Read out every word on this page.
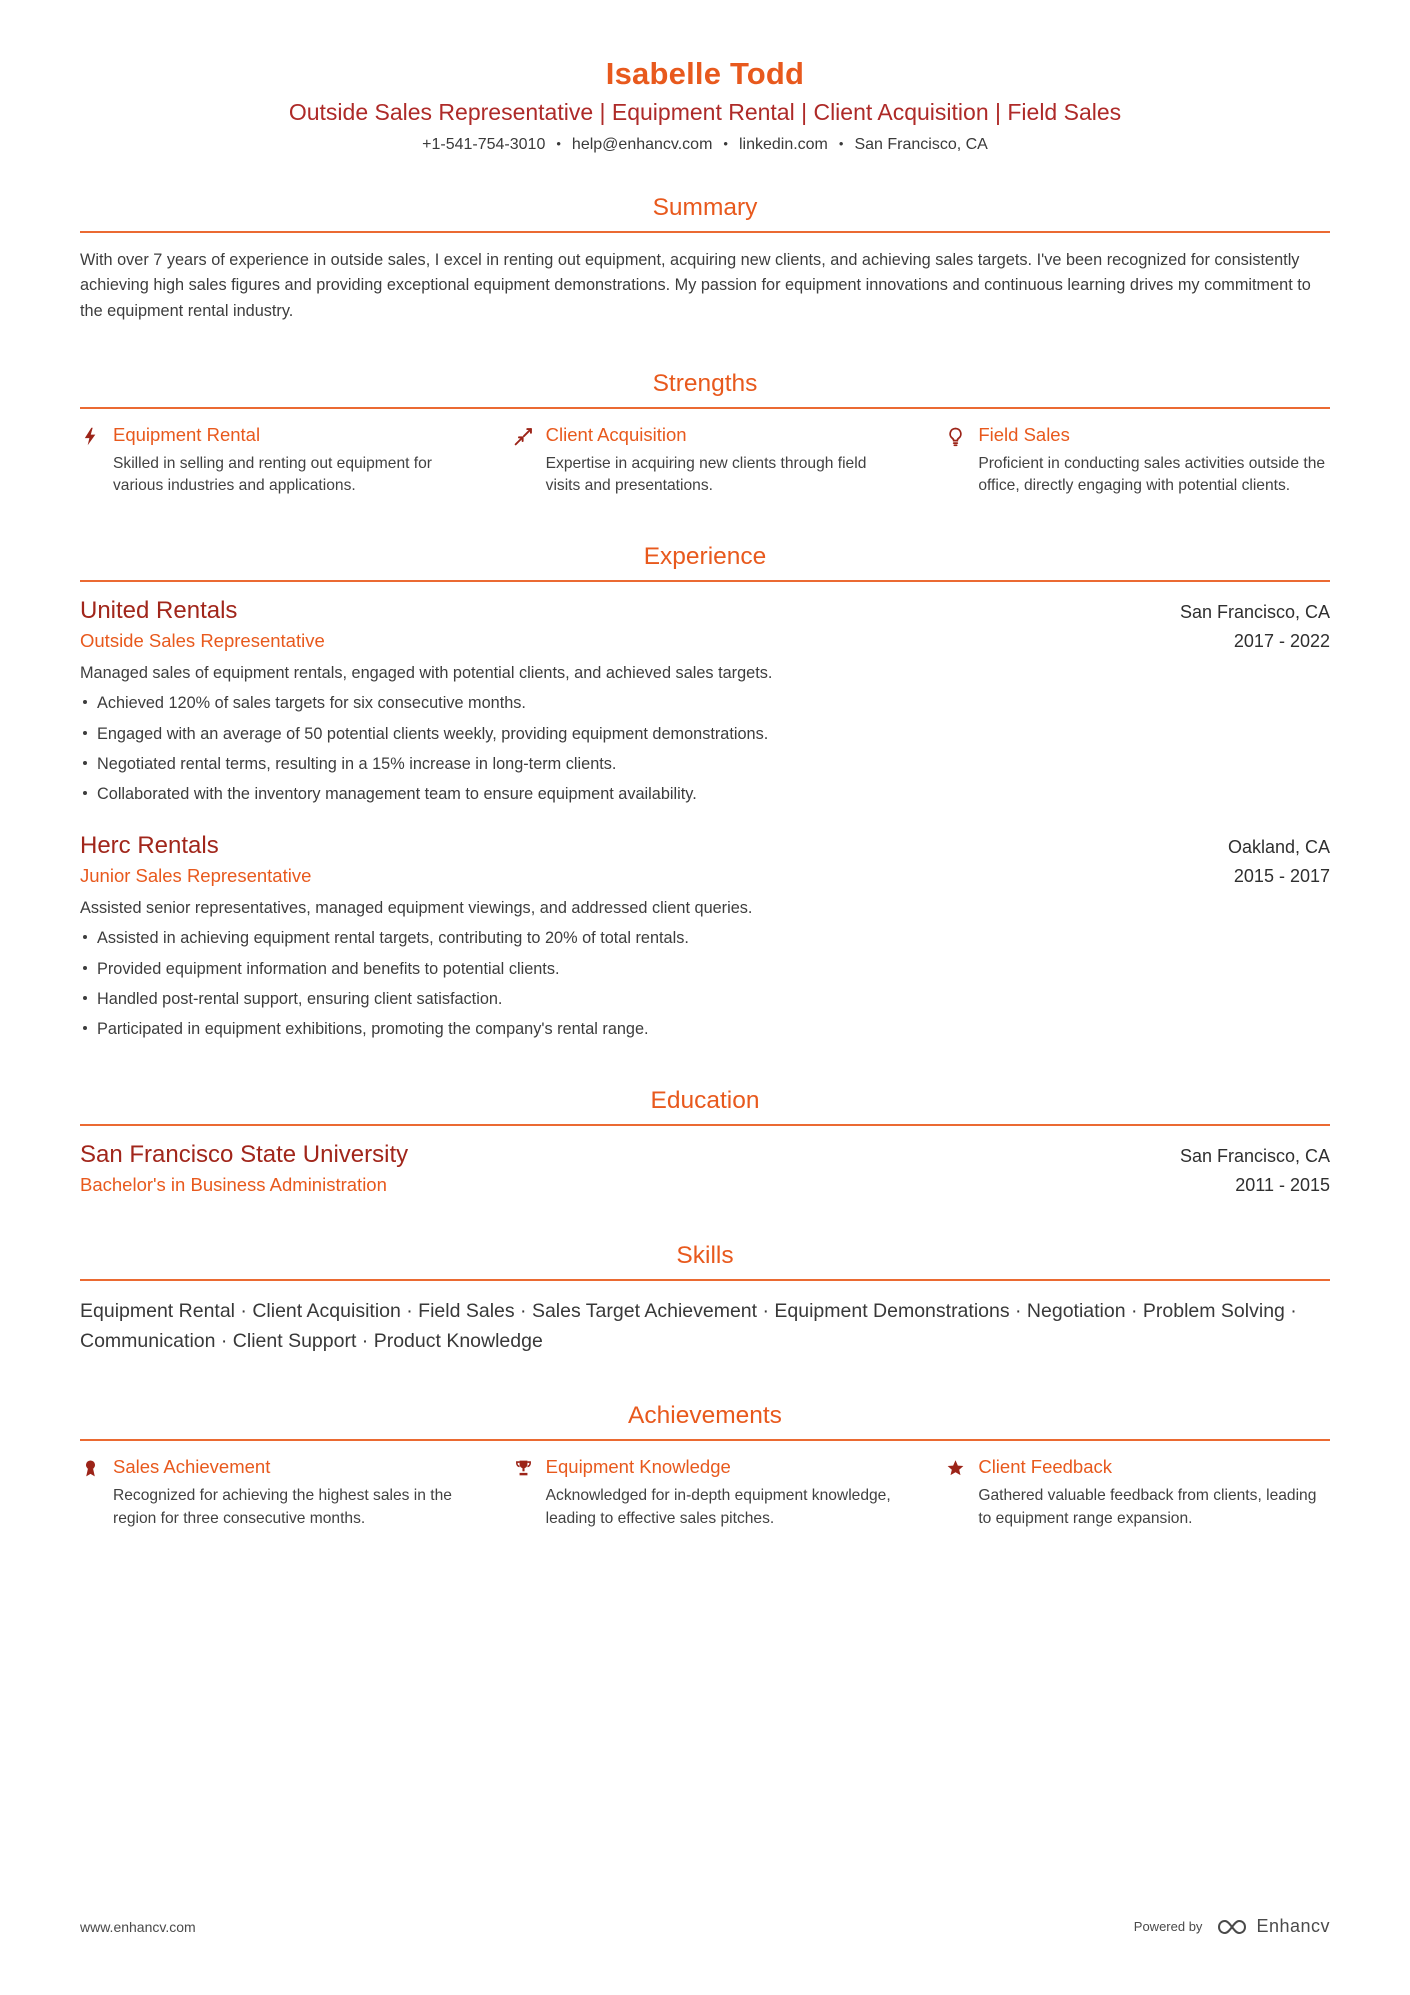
Isabelle Todd
Outside Sales Representative | Equipment Rental | Client Acquisition | Field Sales
+1-541-754-3010 • help@enhancv.com • linkedin.com • San Francisco, CA
Summary

With over 7 years of experience in outside sales, I excel in renting out equipment, acquiring new clients, and achieving sales targets. I've been recognized for consistently achieving high sales figures and providing exceptional equipment demonstrations. My passion for equipment innovations and continuous learning drives my commitment to the equipment rental industry.

Strengths
Equipment Rental
Skilled in selling and renting out equipment for various industries and applications.
Client Acquisition
Expertise in acquiring new clients through field visits and presentations.
Field Sales
Proficient in conducting sales activities outside the office, directly engaging with potential clients.
Experience
United Rentals	San Francisco, CA
Outside Sales Representative	2017 - 2022

Managed sales of equipment rentals, engaged with potential clients, and achieved sales targets.

Achieved 120% of sales targets for six consecutive months.
Engaged with an average of 50 potential clients weekly, providing equipment demonstrations.
Negotiated rental terms, resulting in a 15% increase in long-term clients.
Collaborated with the inventory management team to ensure equipment availability.
Herc Rentals	Oakland, CA
Junior Sales Representative	2015 - 2017

Assisted senior representatives, managed equipment viewings, and addressed client queries.

Assisted in achieving equipment rental targets, contributing to 20% of total rentals.
Provided equipment information and benefits to potential clients.
Handled post-rental support, ensuring client satisfaction.
Participated in equipment exhibitions, promoting the company's rental range.
Education
San Francisco State University	San Francisco, CA
Bachelor's in Business Administration	2011 - 2015
Skills

Equipment Rental · Client Acquisition · Field Sales · Sales Target Achievement · Equipment Demonstrations · Negotiation · Problem Solving · Communication · Client Support · Product Knowledge

Achievements
Sales Achievement
Recognized for achieving the highest sales in the region for three consecutive months.
Equipment Knowledge
Acknowledged for in-depth equipment knowledge, leading to effective sales pitches.
Client Feedback
Gathered valuable feedback from clients, leading to equipment range expansion.
www.enhancv.com	Powered by	Enhancv
